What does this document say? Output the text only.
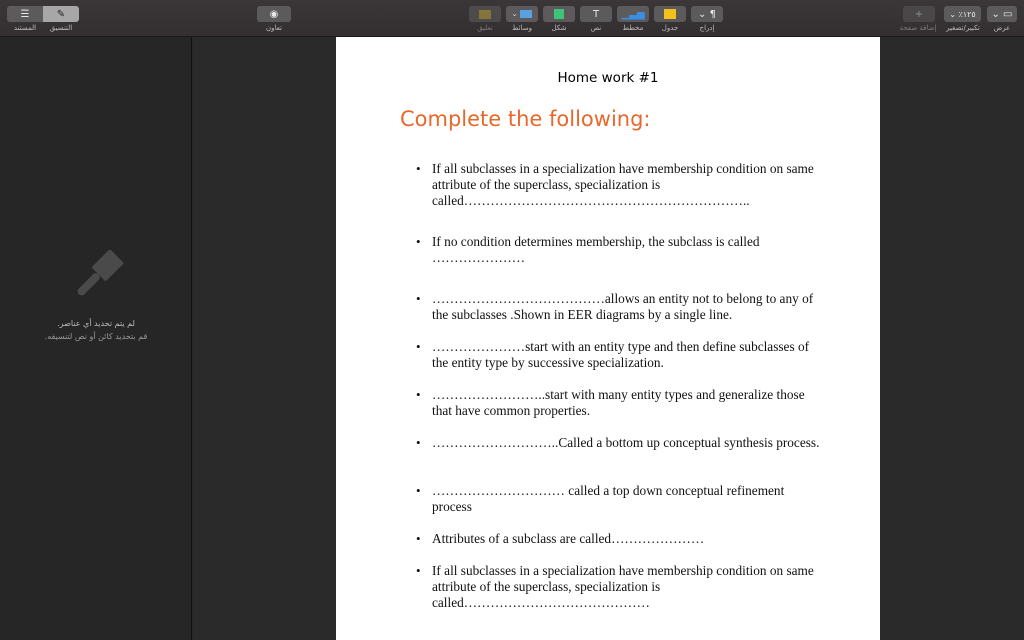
☰	✎
المستند	التنسيق
◉
تعاون
⌄	T ▁▃▅	⌄ ¶
تعليق	وسائط	شكل	نص	مخطط	جدول	إدراج
+	⌄ ٪١٢٥ ⌄ ▭
إضافة صفحة	تكبير/تصغير	عرض
لم يتم تحديد أي عناصر.
قم بتحديد كائن أو نص لتنسيقه.
Home work #1
Complete the following:
• If all subclasses in a specialization have membership condition on same attribute of the superclass, specialization is called………………………………………………………..
• If no condition determines membership, the subclass is called …………………
• …………………………………allows an entity not to belong to any of the subclasses .Shown in EER diagrams by a single line.
• …………………start with an entity type and then define subclasses of the entity type by successive specialization.
• ……………………..start with many entity types and generalize those that have common properties.
• ………………………..Called a bottom up conceptual synthesis process.
• ………………………… called a top down conceptual refinement process
• Attributes of a subclass are called…………………
• If all subclasses in a specialization have membership condition on same attribute of the superclass, specialization is called……………………………………
